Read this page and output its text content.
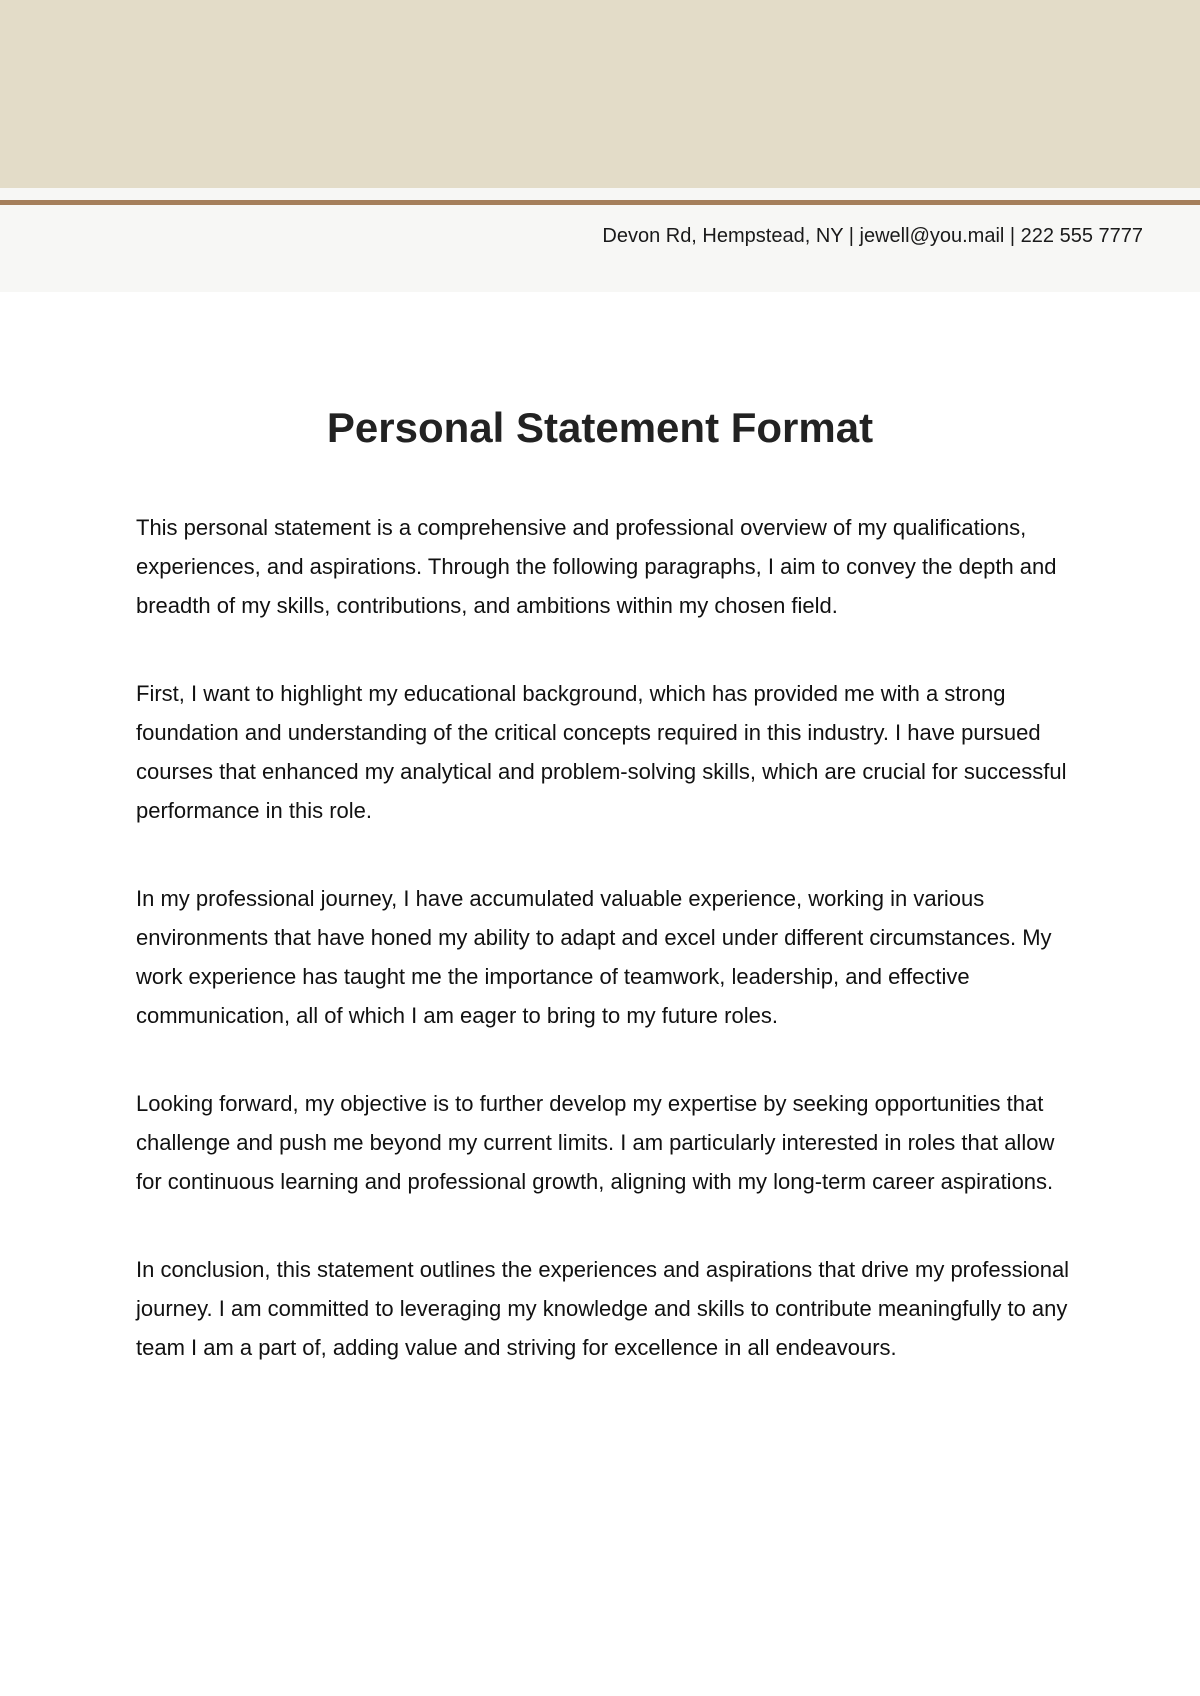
Devon Rd, Hempstead, NY | jewell@you.mail | 222 555 7777
Personal Statement Format

This personal statement is a comprehensive and professional overview of my qualifications, experiences, and aspirations. Through the following paragraphs, I aim to convey the depth and breadth of my skills, contributions, and ambitions within my chosen field.

First, I want to highlight my educational background, which has provided me with a strong foundation and understanding of the critical concepts required in this industry. I have pursued courses that enhanced my analytical and problem-solving skills, which are crucial for successful performance in this role.

In my professional journey, I have accumulated valuable experience, working in various environments that have honed my ability to adapt and excel under different circumstances. My work experience has taught me the importance of teamwork, leadership, and effective communication, all of which I am eager to bring to my future roles.

Looking forward, my objective is to further develop my expertise by seeking opportunities that challenge and push me beyond my current limits. I am particularly interested in roles that allow for continuous learning and professional growth, aligning with my long-term career aspirations.

In conclusion, this statement outlines the experiences and aspirations that drive my professional journey. I am committed to leveraging my knowledge and skills to contribute meaningfully to any team I am a part of, adding value and striving for excellence in all endeavours.
